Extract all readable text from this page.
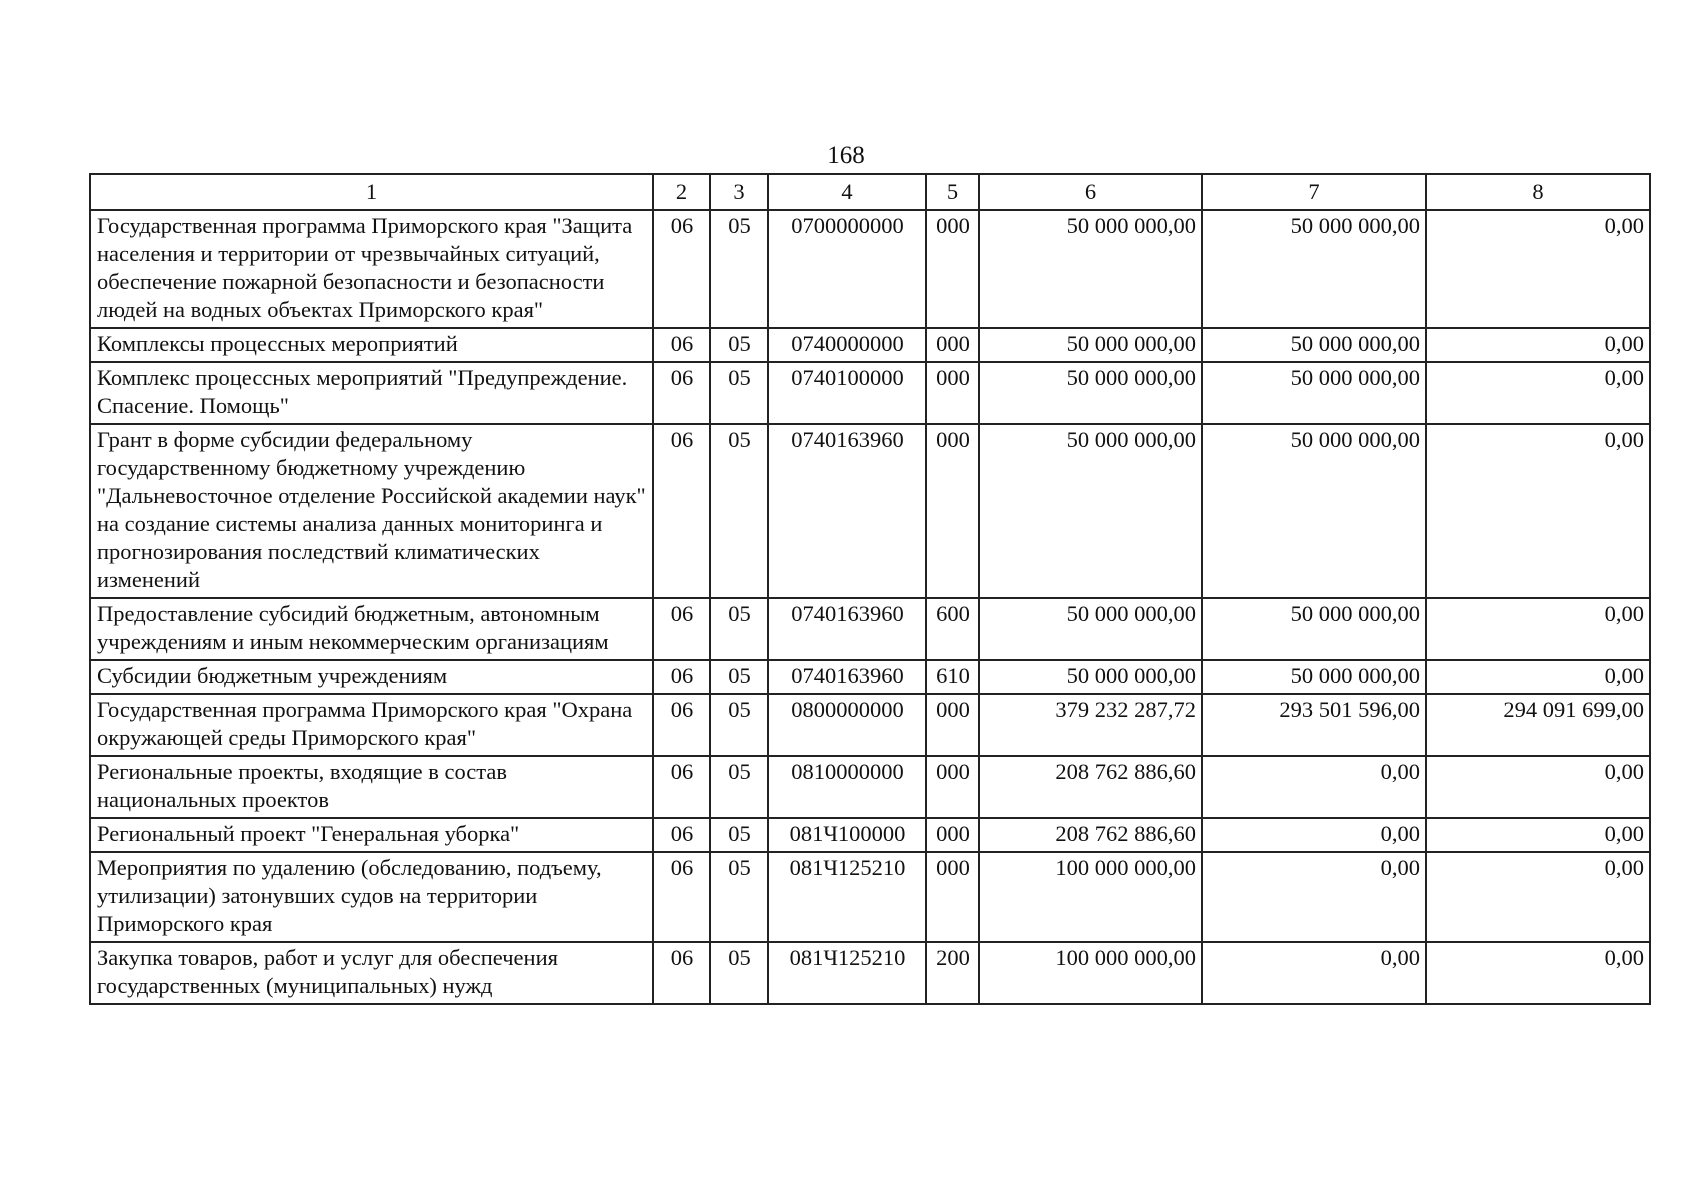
168
1	2	3	4	5	6	7	8
Государственная программа Приморского края "Защита населения и территории от чрезвычайных ситуаций, обеспечение пожарной безопасности и безопасности людей на водных объектах Приморского края"	06	05	0700000000	000	50 000 000,00	50 000 000,00	0,00
Комплексы процессных мероприятий	06	05	0740000000	000	50 000 000,00	50 000 000,00	0,00
Комплекс процессных мероприятий "Предупреждение. Спасение. Помощь"	06	05	0740100000	000	50 000 000,00	50 000 000,00	0,00
Грант в форме субсидии федеральному государственному бюджетному учреждению "Дальневосточное отделение Российской академии наук" на создание системы анализа данных мониторинга и прогнозирования последствий климатических изменений	06	05	0740163960	000	50 000 000,00	50 000 000,00	0,00
Предоставление субсидий бюджетным, автономным учреждениям и иным некоммерческим организациям	06	05	0740163960	600	50 000 000,00	50 000 000,00	0,00
Субсидии бюджетным учреждениям	06	05	0740163960	610	50 000 000,00	50 000 000,00	0,00
Государственная программа Приморского края "Охрана окружающей среды Приморского края"	06	05	0800000000	000	379 232 287,72	293 501 596,00	294 091 699,00
Региональные проекты, входящие в состав национальных проектов	06	05	0810000000	000	208 762 886,60	0,00	0,00
Региональный проект "Генеральная уборка"	06	05	081Ч100000	000	208 762 886,60	0,00	0,00
Мероприятия по удалению (обследованию, подъему, утилизации) затонувших судов на территории Приморского края	06	05	081Ч125210	000	100 000 000,00	0,00	0,00
Закупка товаров, работ и услуг для обеспечения государственных (муниципальных) нужд	06	05	081Ч125210	200	100 000 000,00	0,00	0,00
